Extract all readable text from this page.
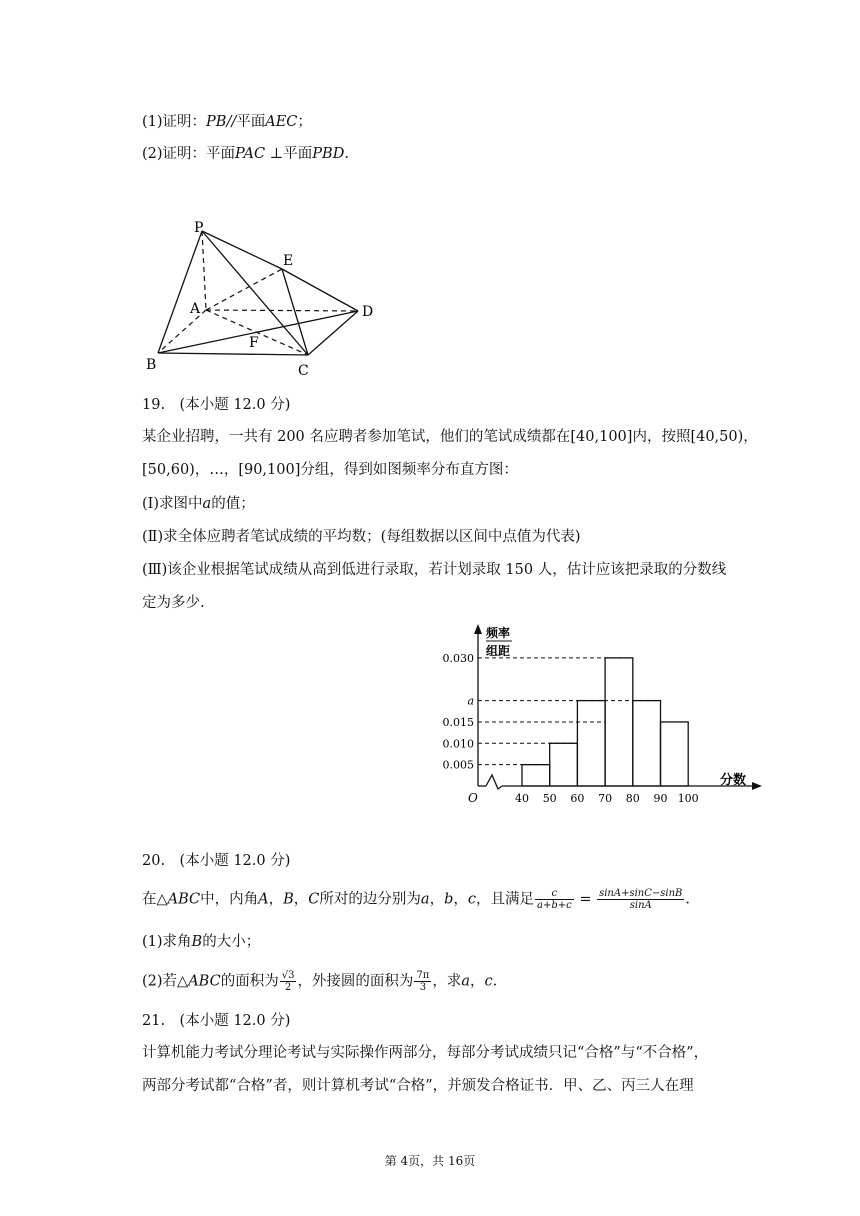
(1)证明：PB//平面AEC；
(2)证明：平面PAC ⊥平面PBD.
P
E
A	D
F
B	C
19.　(本小题 12.0 分)
某企业招聘，一共有 200 名应聘者参加笔试，他们的笔试成绩都在[40,100]内，按照[40,50)，
[50,60)，…，[90,100]分组，得到如图频率分布直方图：
(Ⅰ)求图中a的值；
(Ⅱ)求全体应聘者笔试成绩的平均数；(每组数据以区间中点值为代表)
(Ⅲ)该企业根据笔试成绩从高到低进行录取，若计划录取 150 人，估计应该把录取的分数线
定为多少.
频率
组距
分数
O
0.005
0.010
0.015
a
0.030
40 50 60 70 80 90 100
20.　(本小题 12.0 分)
在△ABC中，内角A，B，C所对的边分别为a，b，c，且满足 $\frac{c}{a+b+c} = \frac{\sin A+\sin C-\sin B}{\sin A}$ .
(1)求角B的大小；
(2)若△ABC的面积为 $\frac{√3}{2}$ ，外接圆的面积为 $\frac{7\pi}{3}$ ，求a，c.
21.　(本小题 12.0 分)
计算机能力考试分理论考试与实际操作两部分，每部分考试成绩只记“合格”与“不合格”，
两部分考试都“合格”者，则计算机考试“合格”，并颁发合格证书．甲、乙、丙三人在理
第 4页，共 16页
